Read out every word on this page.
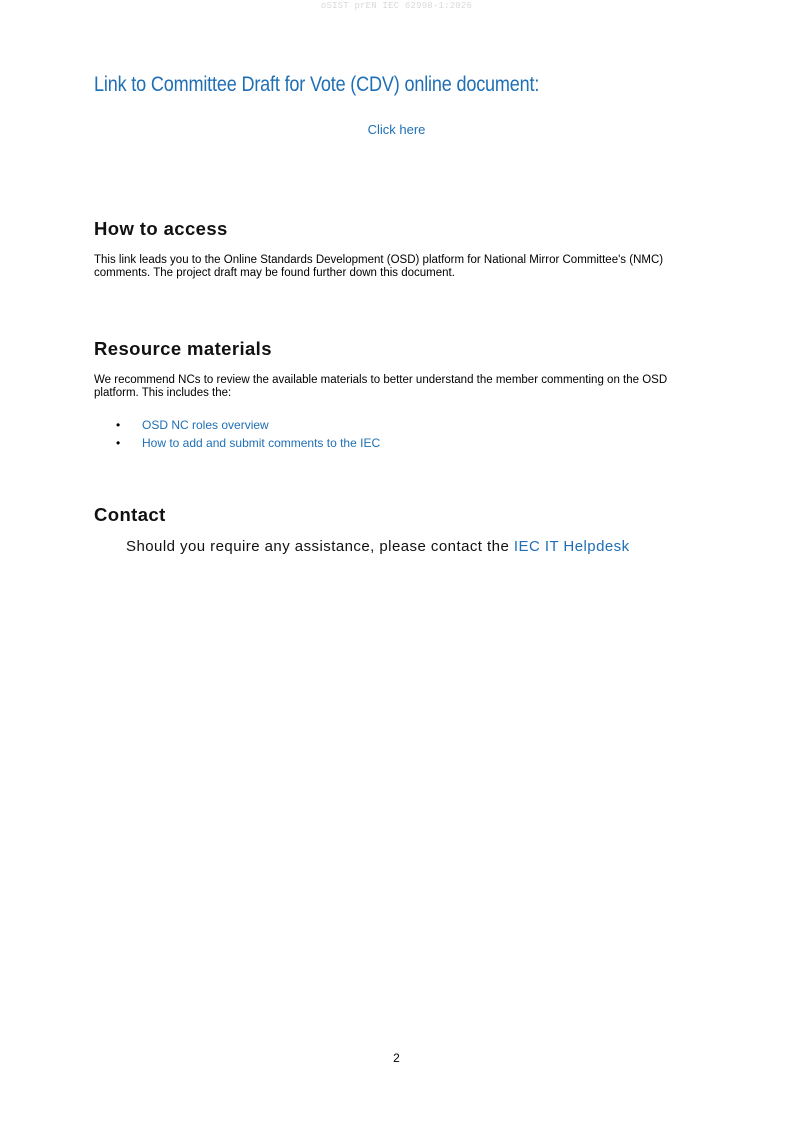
oSIST prEN IEC 62998-1:2026
Link to Committee Draft for Vote (CDV) online document:
Click here
How to access

This link leads you to the Online Standards Development (OSD) platform for National Mirror Committee's (NMC) comments. The project draft may be found further down this document.

Resource materials

We recommend NCs to review the available materials to better understand the member commenting on the OSD platform. This includes the:

• OSD NC roles overview
• How to add and submit comments to the IEC
Contact
Should you require any assistance, please contact the IEC IT Helpdesk
2
